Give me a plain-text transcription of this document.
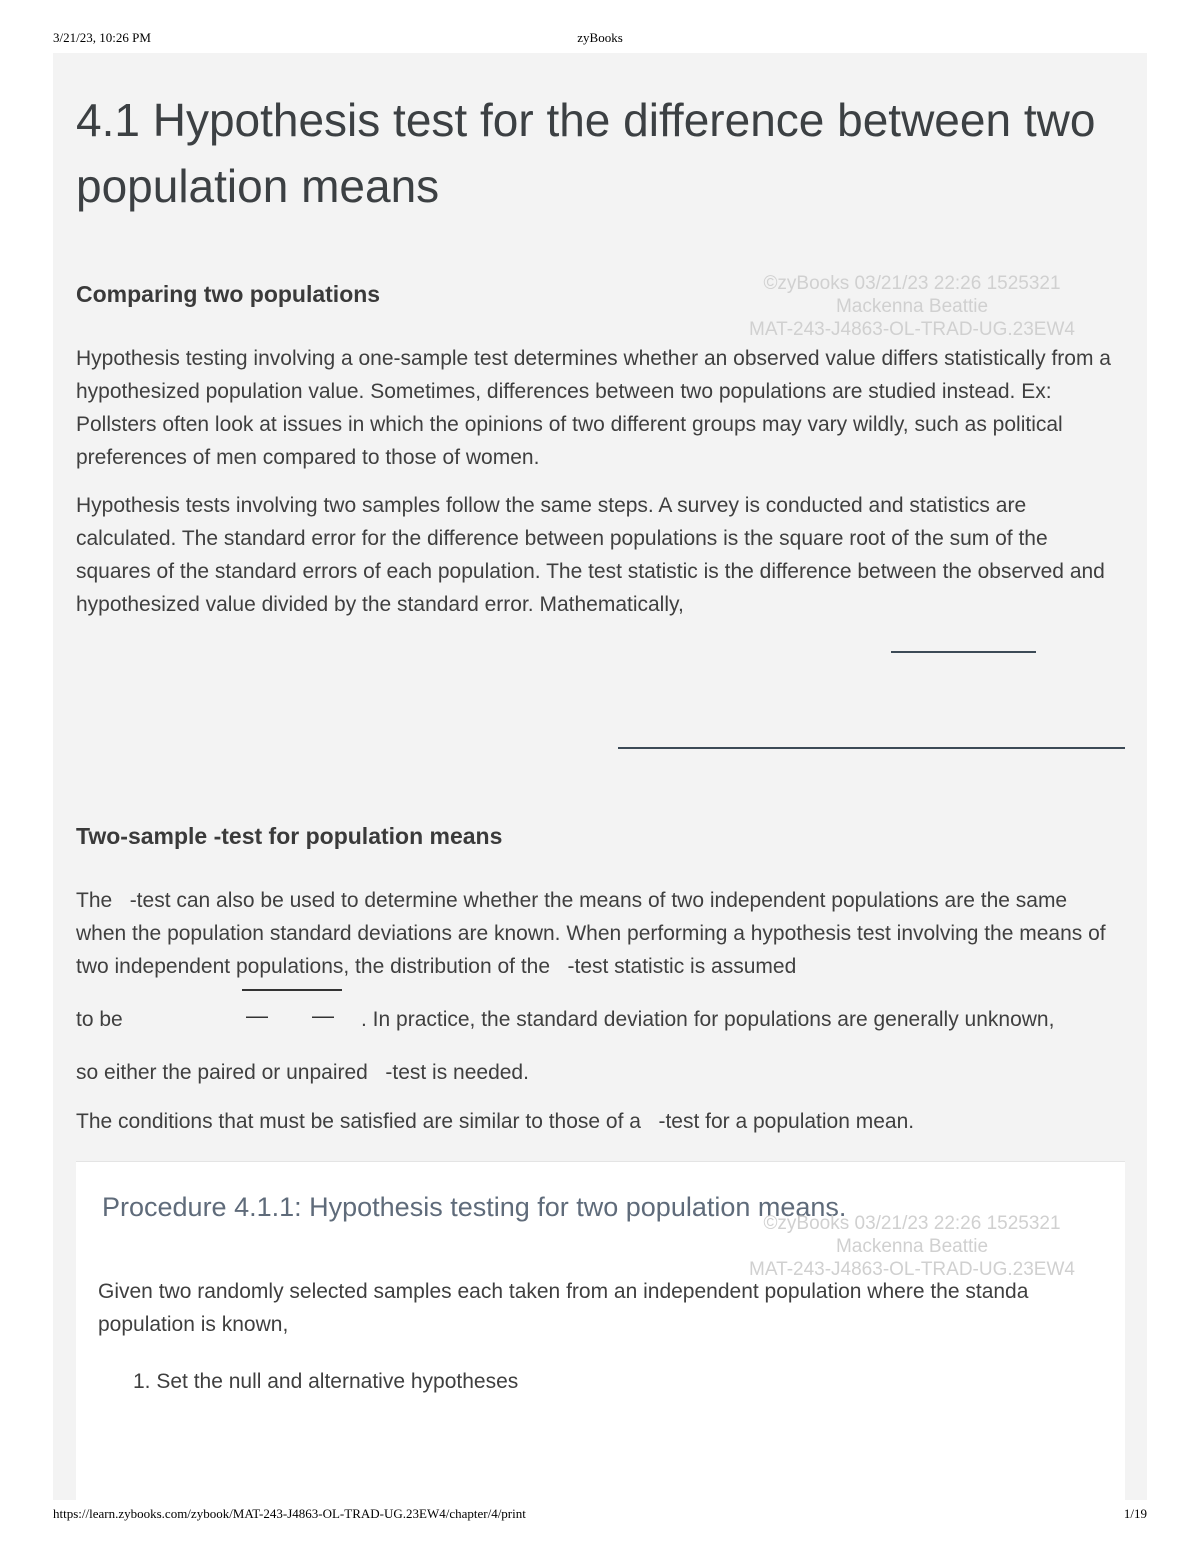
3/21/23, 10:26 PM	zyBooks
4.1 Hypothesis test for the difference between two population means
©zyBooks 03/21/23 22:26 1525321
Mackenna Beattie
MAT-243-J4863-OL-TRAD-UG.23EW4
Comparing two populations

Hypothesis testing involving a one-sample test determines whether an observed value differs statistically from a hypothesized population value. Sometimes, differences between two populations are studied instead. Ex: Pollsters often look at issues in which the opinions of two different groups may vary wildly, such as political preferences of men compared to those of women.

Hypothesis tests involving two samples follow the same steps. A survey is conducted and statistics are calculated. The standard error for the difference between populations is the square root of the sum of the squares of the standard errors of each population. The test statistic is the difference between the observed and hypothesized value divided by the standard error. Mathematically,

Two-sample -test for population means

The   -test can also be used to determine whether the means of two independent populations are the same when the population standard deviations are known. When performing a hypothesis test involving the means of two independent populations, the distribution of the   -test statistic is assumed

to be	— — . In practice, the standard deviation for populations are generally unknown,

so either the paired or unpaired   -test is needed.

The conditions that must be satisfied are similar to those of a   -test for a population mean.

Procedure 4.1.1: Hypothesis testing for two population means.
©zyBooks 03/21/23 22:26 1525321
Mackenna Beattie
MAT-243-J4863-OL-TRAD-UG.23EW4
Given two randomly selected samples each taken from an independent population where the standa
population is known,
1. Set the null and alternative hypotheses
https://learn.zybooks.com/zybook/MAT-243-J4863-OL-TRAD-UG.23EW4/chapter/4/print	1/19
